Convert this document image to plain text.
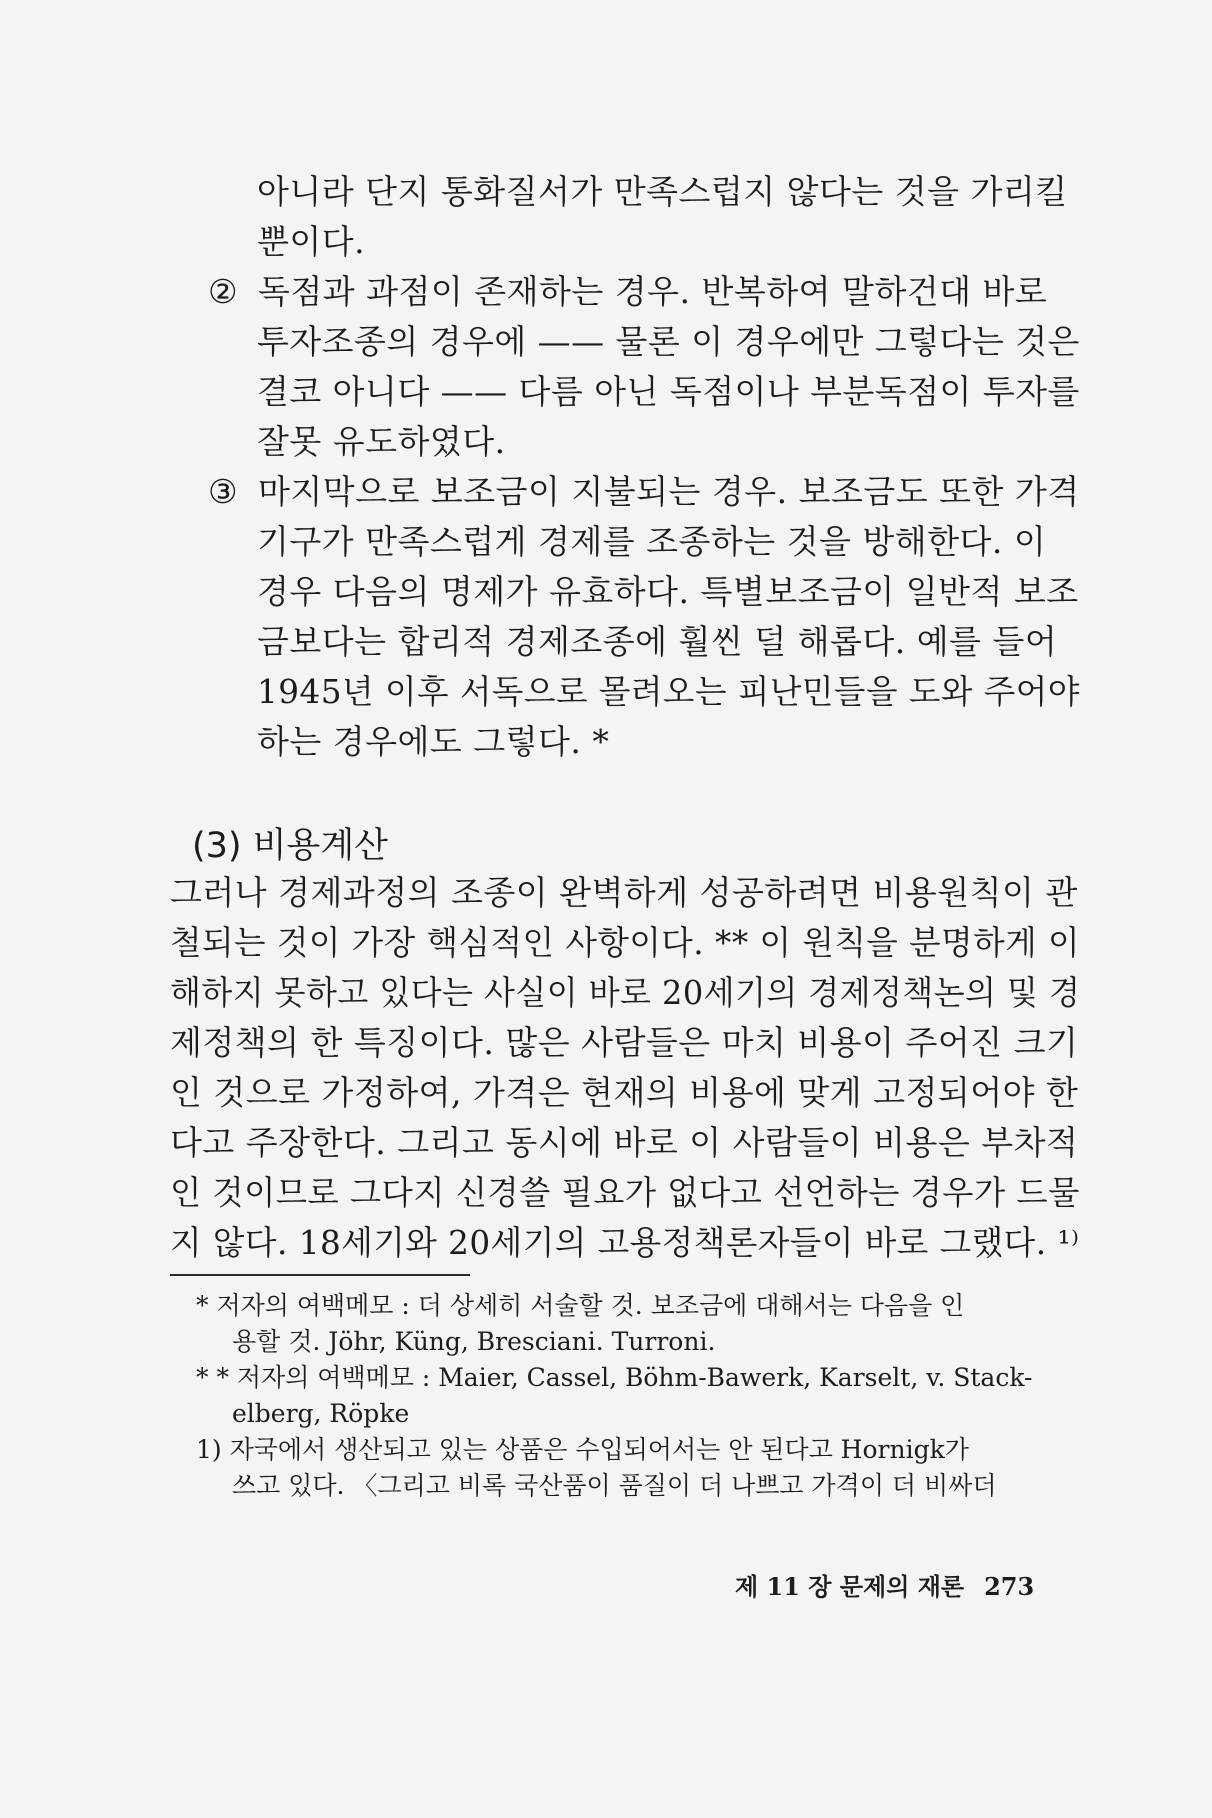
아니라 단지 통화질서가 만족스럽지 않다는 것을 가리킬
뿐이다.
② 독점과 과점이 존재하는 경우. 반복하여 말하건대 바로
투자조종의 경우에 —— 물론 이 경우에만 그렇다는 것은
결코 아니다 —— 다름 아닌 독점이나 부분독점이 투자를
잘못 유도하였다.
③ 마지막으로 보조금이 지불되는 경우. 보조금도 또한 가격
기구가 만족스럽게 경제를 조종하는 것을 방해한다. 이
경우 다음의 명제가 유효하다. 특별보조금이 일반적 보조
금보다는 합리적 경제조종에 훨씬 덜 해롭다. 예를 들어
1945년 이후 서독으로 몰려오는 피난민들을 도와 주어야
하는 경우에도 그렇다. *
(3) 비용계산
그러나 경제과정의 조종이 완벽하게 성공하려면 비용원칙이 관
철되는 것이 가장 핵심적인 사항이다. ** 이 원칙을 분명하게 이
해하지 못하고 있다는 사실이 바로 20세기의 경제정책논의 및 경
제정책의 한 특징이다. 많은 사람들은 마치 비용이 주어진 크기
인 것으로 가정하여, 가격은 현재의 비용에 맞게 고정되어야 한
다고 주장한다. 그리고 동시에 바로 이 사람들이 비용은 부차적
인 것이므로 그다지 신경쓸 필요가 없다고 선언하는 경우가 드물
지 않다. 18세기와 20세기의 고용정책론자들이 바로 그랬다. ¹⁾
* 저자의 여백메모 : 더 상세히 서술할 것. 보조금에 대해서는 다음을 인
용할 것. Jöhr, Küng, Bresciani. Turroni.
* * 저자의 여백메모 : Maier, Cassel, Böhm-Bawerk, Karselt, v. Stack-
elberg, Röpke
1) 자국에서 생산되고 있는 상품은 수입되어서는 안 된다고 Hornigk가
쓰고 있다. 〈그리고 비록 국산품이 품질이 더 나쁘고 가격이 더 비싸더
제 11 장 문제의 재론 273
